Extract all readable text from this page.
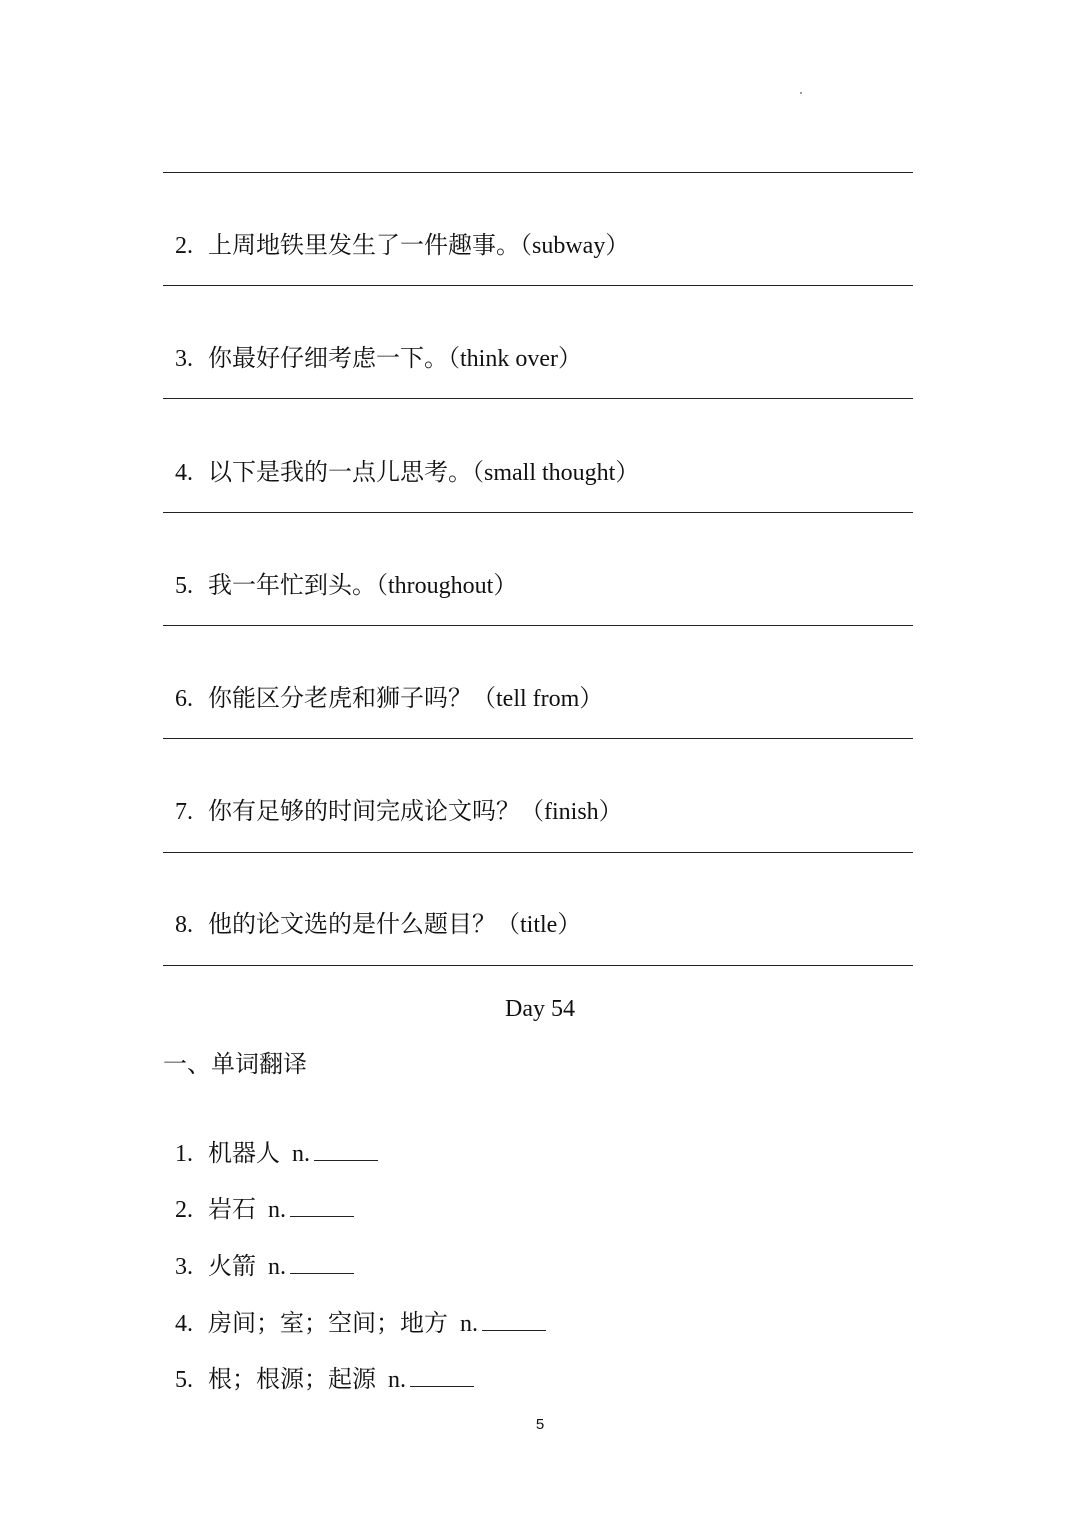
2. 上周地铁里发生了一件趣事。（subway）

3. 你最好仔细考虑一下。（think over）

4. 以下是我的一点儿思考。（small thought）

5. 我一年忙到头。（throughout）

6. 你能区分老虎和狮子吗？（tell from）

7. 你有足够的时间完成论文吗？（finish）

8. 他的论文选的是什么题目？（title）

Day 54
一、单词翻译

1. 机器人  n.

2. 岩石  n.

3. 火箭  n.

4. 房间；室；空间；地方  n.

5. 根；根源；起源  n.

5
